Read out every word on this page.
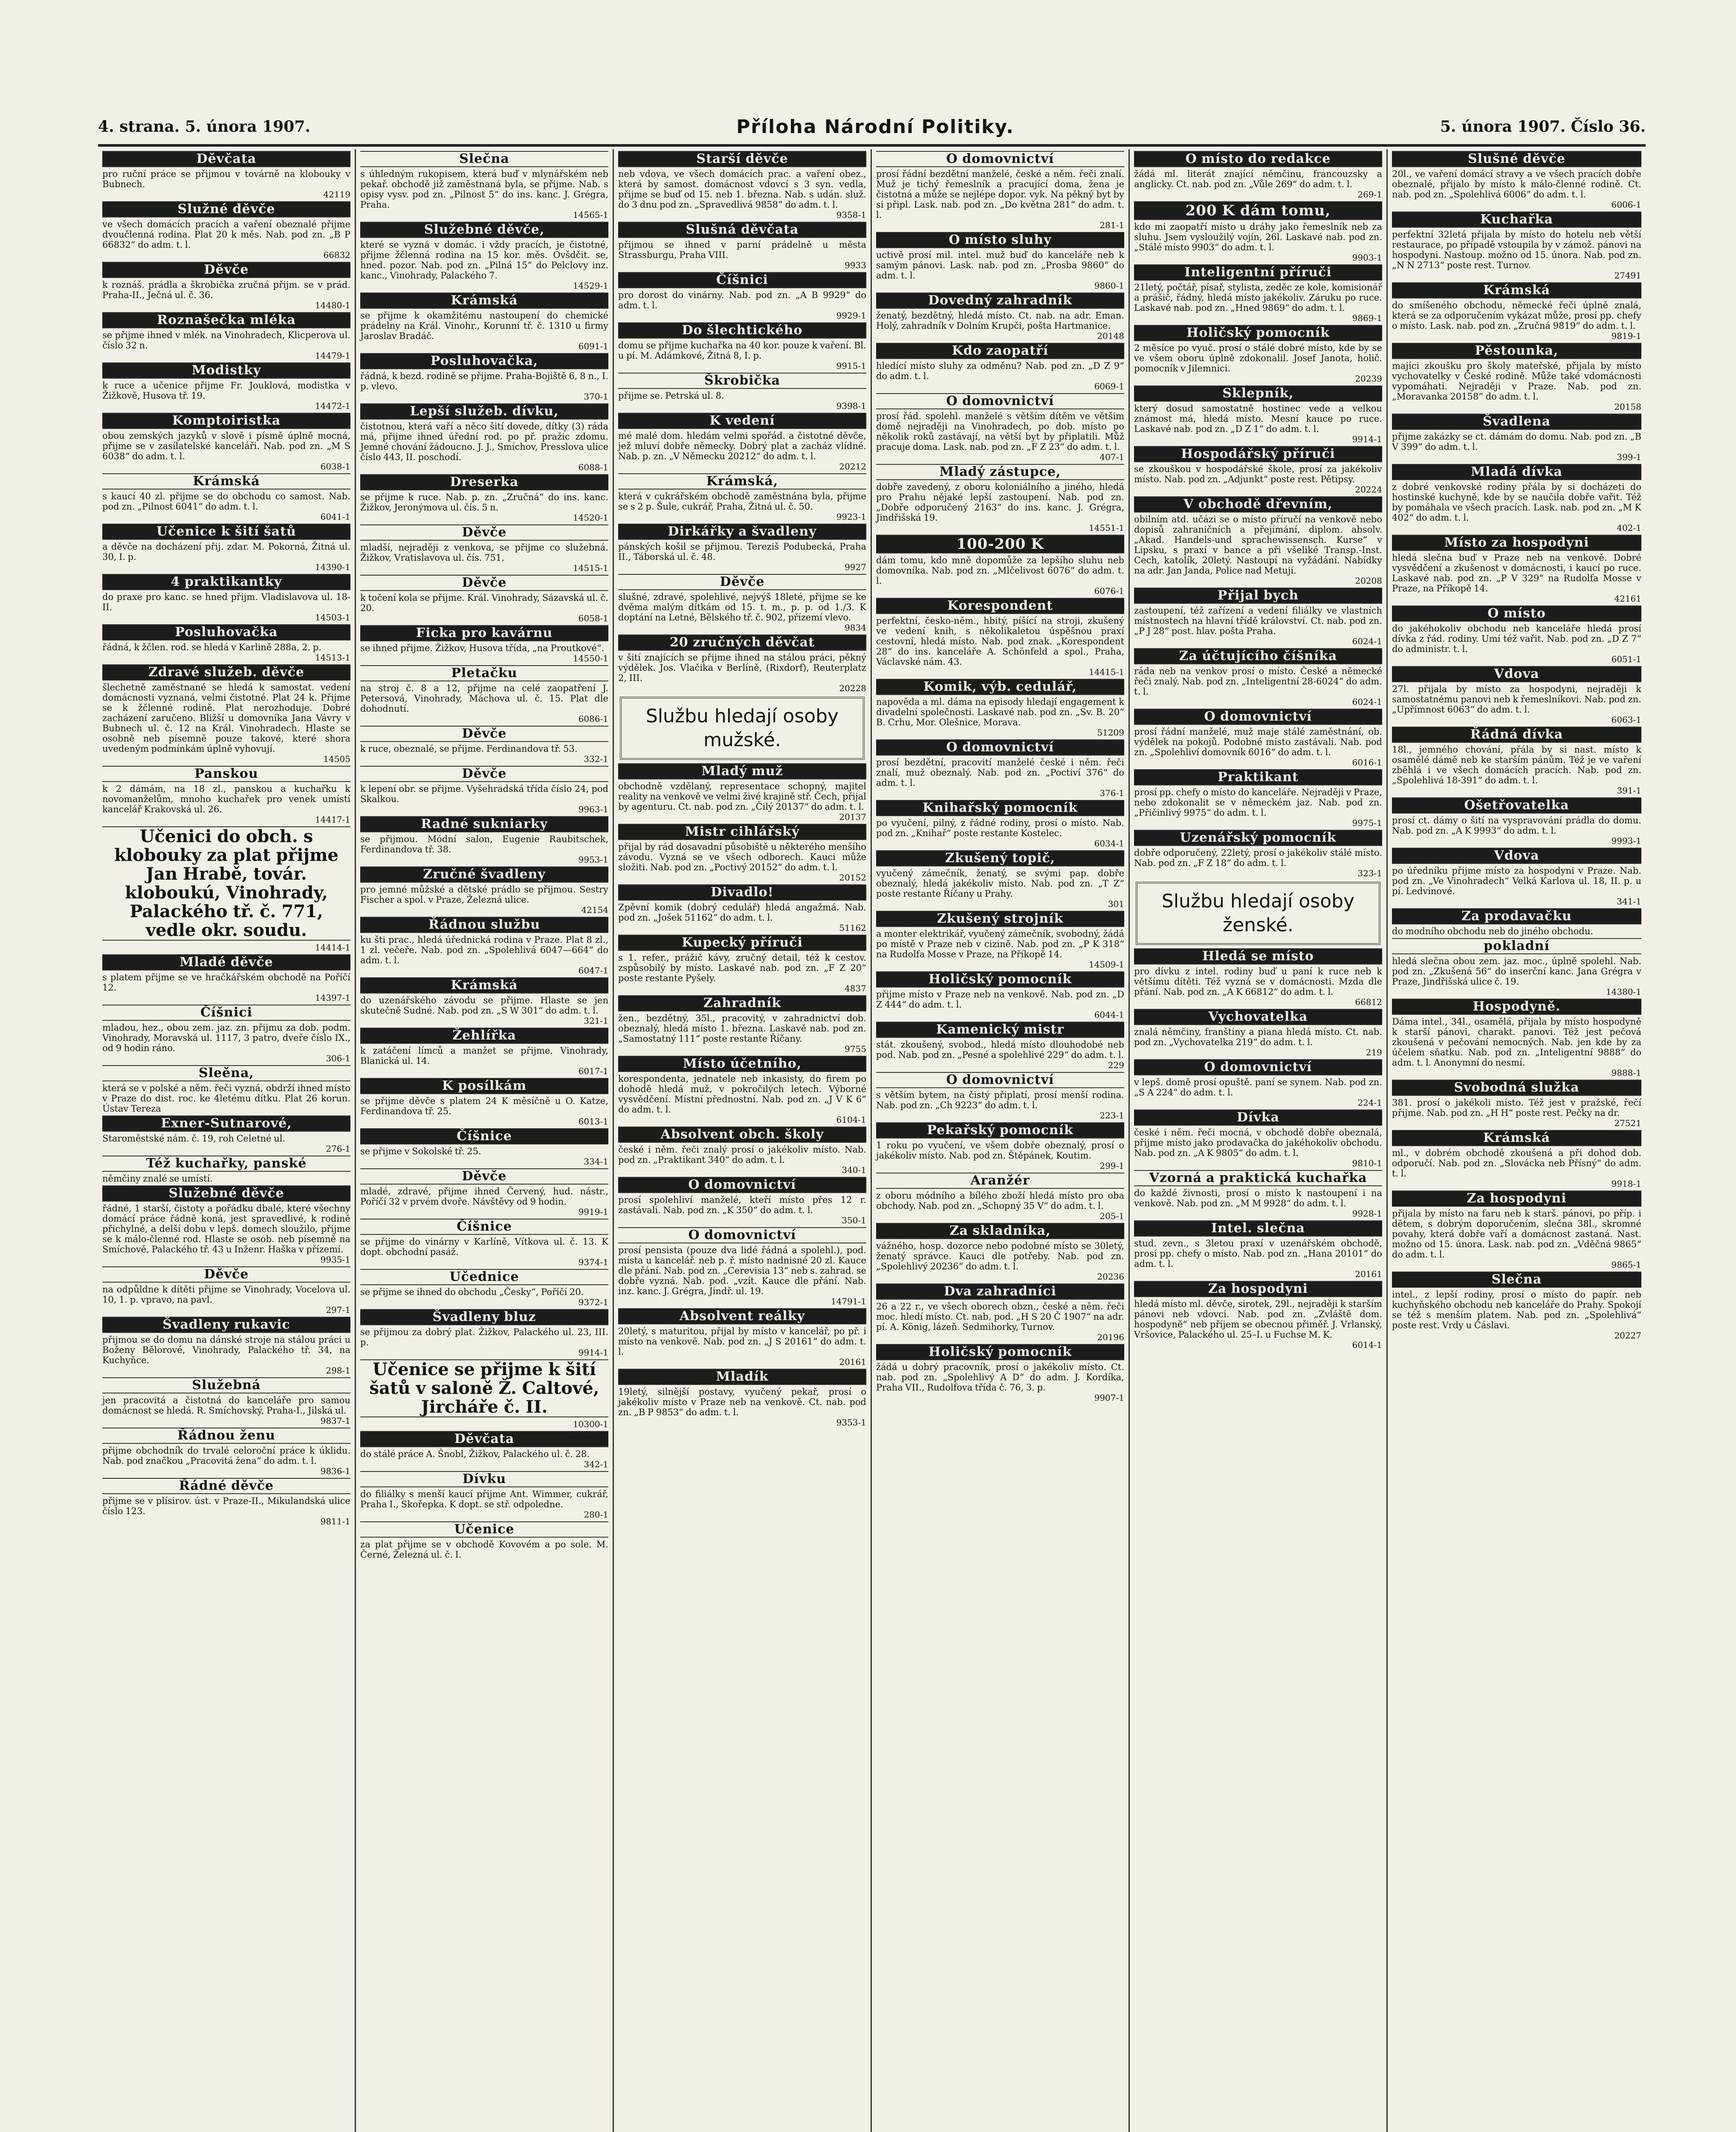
4. strana. 5. února 1907.	Příloha Národní Politiky.	5. února 1907. Číslo 36.
Děvčata
pro ruční práce se přijmou v továrně na klobouky v Bubnech.
42119
Služné děvče
ve všech domácích pracích a vaření obeznalé přijme dvoučlenná rodina. Plat 20 k měs. Nab. pod zn. „B P 66832“ do adm. t. l.
66832
Děvče
k roznáš. prádla a škrobička zručná přijm. se v prád. Praha-II., Ječná ul. č. 36.
14480-1
Roznašečka mléka
se přijme ihned v mlék. na Vinohradech, Klicperova ul. číslo 32 n.
14479-1
Modistky
k ruce a učenice přijme Fr. Jouklová, modistka v Žižkově, Husova tř. 19.
14472-1
Komptoiristka
obou zemských jazyků v slově i písmě úplně mocná, přijme se v zasílatelské kanceláři. Nab. pod zn. „M S 6038“ do adm. t. l.
6038-1
Krámská
s kaucí 40 zl. přijme se do obchodu co samost. Nab. pod zn. „Pilnost 6041“ do adm. t. l.
6041-1
Učenice k šití šatů
a děvče na docházení přij. zdar. M. Pokorná, Žitná ul. 30, I. p.
14390-1
4 praktikantky
do praxe pro kanc. se hned přijm. Vladislavova ul. 18-II.
14503-1
Posluhovačka
řádná, k žčlen. rod. se hledá v Karlině 288a, 2. p.
14513-1
Zdravé služeb. děvče
šlechetně zaměstnané se hledá k samostat. vedení domácnosti vyznaná, velmi čistotné. Plat 24 k. Přijme se k žčlenné rodině. Plat nerozhoduje. Dobré zacházení zaručeno. Bližší u domovníka Jana Vávry v Bubnech ul. č. 12 na Král. Vinohradech. Hlaste se osobně neb písemně pouze takové, které shora uvedeným podmínkám úplně vyhovují.
14505
Panskou
k 2 dámám, na 18 zl., panskou a kuchařku k novomanželům, mnoho kuchařek pro venek umístí kancelář Krakovská ul. 26.
14417-1
Učenici do obch. s klobouky za plat přijme Jan Hrabě, továr. kloboukú, Vinohrady, Palackého tř. č. 771, vedle okr. soudu.
14414-1
Mladé děvče
s platem přijme se ve hračkářském obchodě na Poříčí 12.
14397-1
Číšnici
mladou, hez., obou zem. jaz. zn. přijmu za dob. podm. Vinohrady, Moravská ul. 1117, 3 patro, dveře číslo IX., od 9 hodin ráno.
306-1
Sleěna,
která se v polské a něm. řeči vyzná, obdrží ihned místo v Praze do dist. roc. ke 4letému dítku. Plat 26 korun. Ústav Tereza
Exner-Sutnarové,
Staroměstské nám. č. 19, roh Celetné ul.
276-1
Též kuchařky, panské
němčiny znalé se umístí.
Služebné děvče
řádné, 1 starší, čistoty a pořádku dbalé, které všechny domácí práce řádně koná, jest spravedlivé, k rodině přichylné, a delší dobu v lepš. domech sloužilo, přijme se k málo-členné rod. Hlaste se osob. neb písemně na Smíchově, Palackého tř. 43 u Inženr. Haška v přízemí.
9935-1
Děvče
na odpůldne k dítěti přijme se Vinohrady, Vocelova ul. 10, 1. p. vpravo, na pavl.
297-1
Švadleny rukavic
přijmou se do domu na dánské stroje na stálou práci u Boženy Bělorové, Vinohrady, Palackého tř. 34, na Kuchyňce.
298-1
Služebná
jen pracovitá a čistotná do kanceláře pro samou domácnost se hledá. R. Smíchovský, Praha-I., Jilská ul.
9837-1
Řádnou ženu
přijme obchodník do trvalé celoroční práce k úklidu. Nab. pod značkou „Pracovitá žena“ do adm. t. l.
9836-1
Řádné děvče
přijme se v plísirov. úst. v Praze-II., Mikulandská ulice číslo 123.
9811-1
Slečna
s úhledným rukopisem, která buď v mlynářském neb pekař. obchodě již zaměstnaná byla, se přijme. Nab. s opisy vysv. pod zn. „Pilnost 5“ do ins. kanc. J. Grégra, Praha.
14565-1
Služebné děvče,
které se vyzná v domác. i vždy pracích, je čistotné, přijme žčlenná rodina na 15 kor. měs. Ovšdčit. se, hned. pozor. Nab. pod zn. „Pilná 15“ do Pelclovy inz. kanc., Vinohrady, Palackého 7.
14529-1
Krámská
se přijme k okamžitému nastoupení do chemické prádelny na Král. Vinohr., Korunní tř. č. 1310 u firmy Jaroslav Bradáč.
6091-1
Posluhovačka,
řádná, k bezd. rodině se přijme. Praha-Bojiště 6, 8 n., I. p. vlevo.
370-1
Lepší služeb. dívku,
čistotnou, která vaří a něco šití dovede, dítky (3) ráda má, přijme ihned úřední rod. po př. pražic zdomu. Jemné chování žádoucno. J. J., Smíchov, Presslova ulice číslo 443, II. poschodí.
6088-1
Dreserka
se přijme k ruce. Nab. p. zn. „Zručná“ do ins. kanc. Žižkov, Jeronýmova ul. čís. 5 n.
14520-1
Děvče
mladší, nejraději z venkova, se přijme co služebná. Žižkov, Vratislavova ul. čís. 751.
14515-1
Děvče
k točení kola se přijme. Král. Vinohrady, Sázavská ul. č. 20.
6058-1
Ficka pro kavárnu
se ihned přijme. Žižkov, Husova třída, „na Proutkové“.
14550-1
Pletačku
na stroj č. 8 a 12, přijme na celé zaopatření J. Petersová, Vinohrady, Máchova ul. č. 15. Plat dle dohodnutí.
6086-1
Děvče
k ruce, obeznalé, se přijme. Ferdinandova tř. 53.
332-1
Děvče
k lepení obr. se přijme. Vyšehradská třída číslo 24, pod Skalkou.
9963-1
Radné sukniarky
se přijmou. Módní salon, Eugenie Raubitschek, Ferdinandova tř. 38.
9953-1
Zručné švadleny
pro jemné můžské a dětské prádlo se přijmou. Sestry Fischer a spol. v Praze, Železná ulice.
42154
Řádnou službu
ku šti prac., hledá úřednická rodina v Praze. Plat 8 zl., 1 zl. večeře. Nab. pod zn. „Spolehlivá 6047—664“ do adm. t. l.
6047-1
Krámská
do uzenářského závodu se přijme. Hlaste se jen skutečně Sudné. Nab. pod zn. „S W 301“ do adm. t. l.
321-1
Žehlířka
k zatáčení límců a manžet se přijme. Vinohrady, Blanická ul. 14.
6017-1
K posílkám
se přijme děvče s platem 24 K měsíčně u O. Katze, Ferdinandova tř. 25.
6013-1
Číšnice
se přijme v Sokolské tř. 25.
334-1
Děvče
mladé, zdravé, přijme ihned Červený, hud. nástr., Poříčí 32 v prvém dvoře. Návštěvy od 9 hodin.
9919-1
Číšnice
se přijme do vinárny v Karlíně, Vítkova ul. č. 13. K dopt. obchodní pasáž.
9374-1
Učednice
se přijme se ihned do obchodu „Česky“, Poříčí 20.
9372-1
Švadleny bluz
se přijmou za dobrý plat. Žižkov, Palackého ul. 23, III. p.
9914-1
Učenice se přijme k šití šatů v saloně Ž. Caltové, Jircháře č. II.
10300-1
Děvčata
do stálé práce A. Šnobl, Žižkov, Palackého ul. č. 28.
342-1
Dívku
do filiálky s menší kaucí přijme Ant. Wimmer, cukrář, Praha I., Skořepka. K dopt. se stř. odpoledne.
280-1
Učenice
za plat přijme se v obchodě Kovovém a po sole. M. Černé, Železná ul. č. I.
Starší děvče
neb vdova, ve všech domácích prac. a vaření obez., která by samost. domácnost vdovcí s 3 syn. vedla, přijme se buď od 15. neb 1. března. Nab. s udán. služ. do 3 dnu pod zn. „Spravedlivá 9858“ do adm. t. l.
9358-1
Slušná děvčata
přijmou se ihned v parní prádelně u města Strassburgu, Praha VIII.
9933
Číšnici
pro dorost do vinárny. Nab. pod zn. „A B 9929“ do adm. t. l.
9929-1
Do šlechtického
domu se přijme kuchařka na 40 kor. pouze k vaření. Bl. u pí. M. Adámkové, Žitná 8, I. p.
9915-1
Škrobička
přijme se. Petrská ul. 8.
9398-1
K vedení
mé malé dom. hledám velmi spořád. a čistotné děvče, jež mluví dobře německy. Dobrý plat a zacház vlídné. Nab. p. zn. „V Německu 20212“ do adm. t. l.
20212
Krámská,
která v cukrářském obchodě zaměstnána byla, přijme se s 2 p. Šule, cukrář, Praha, Žitná ul. č. 50.
9923-1
Dirkářky a švadleny
pánských košil se přijmou. Tereziš Podubecká, Praha II., Táborská ul. č. 48.
9927
Děvče
slušné, zdravé, spolehlivé, nejvýš 18leté, přijme se ke dvěma malým dítkám od 15. t. m., p. p. od 1./3. K doptání na Letné, Bělského tř. č. 902, přízemí vlevo.
9834
20 zručných děvčat
v šití znajících se přijme ihned na stálou práci, pěkný výdělek. Jos. Vlačika v Berlíně, (Rixdorf), Reuterplatz 2, III.
20228
Službu hledají osoby mužské.
Mladý muž
obchodně vzdělaný, representace schopný, majitel reality na venkově ve velmi živé krajině stř. Čech, přijal by agenturu. Ct. nab. pod zn. „Čilý 20137“ do adm. t. l.
20137
Mistr cihlářský
přijal by rád dosavadní působiště u některého menšího závodu. Vyzná se ve všech odborech. Kauci může složiti. Nab. pod zn. „Poctivý 20152“ do adm. t. l.
20152
Divadlo!
Zpěvní komik (dobrý cedulář) hledá angažmá. Nab. pod zn. „Jošek 51162“ do adm. t. l.
51162
Kupecký příruči
s 1. refer., prážič kávy, zručný detail, též k cestov. zspůsobilý by místo. Laskavé nab. pod zn. „F Z 20“ poste restante Pyšely.
4837
Zahradník
žen., bezdětný, 35l., pracovitý, v zahradnictví dob. obeznalý, hledá místo 1. března. Laskavě nab. pod zn. „Samostatný 111“ poste restante Říčany.
9755
Místo účetního,
korespondenta, jednatele neb inkasisty, do firem po dohodě hledá muž, v pokročilých letech. Výborné vysvědčení. Místní přednostní. Nab. pod zn. „J V K 6“ do adm. t. l.
6104-1
Absolvent obch. školy
české i něm. řeči znalý prosí o jakékoliv místo. Nab. pod zn. „Praktikant 340“ do adm. t. l.
340-1
O domovnictví
prosí spolehliví manželé, kteří místo přes 12 r. zastávali. Nab. pod zn. „K 350“ do adm. t. l.
350-1
O domovnictví
prosí pensista (pouze dva lidé řádná a spolehl.), pod. místa u kancelář. neb p. ř. místo nadnisné 20 zl. Kauce dle přání. Nab. pod zn. „Cerevisia 13“ neb s. zahrad. se dobře vyzná. Nab. pod. „vzít. Kauce dle přání. Nab. inz. kanc. J. Grégra, Jindř. ul. 19.
14791-1
Absolvent reálky
20letý, s maturitou, přijal by místo v kancelář, po př. i místo na venkově. Nab. pod zn. „J S 20161“ do adm. t. l.
20161
Mladík
19letý, silnější postavy, vyučený pekař, prosí o jakékoliv místo v Praze neb na venkově. Ct. nab. pod zn. „B P 9853“ do adm. t. l.
9353-1
O domovnictví
prosí řádní bezdětní manželé, české a něm. řeči znalí. Muž je tichý řemeslník a pracující doma, žena je čistotná a může se nejlépe dopor. vyk. Na pěkný byt by si připl. Lask. nab. pod zn. „Do května 281“ do adm. t. l.
281-1
O místo sluhy
uctivě prosí mil. intel. muž buď do kanceláře neb k samým pánovi. Lask. nab. pod zn. „Prosba 9860“ do adm. t. l.
9860-1
Dovedný zahradník
ženatý, bezdětný, hledá místo. Ct. nab. na adr. Eman. Holý, zahradník v Dolním Krupči, pošta Hartmanice.
20148
Kdo zaopatří
hledící místo sluhy za odměnu? Nab. pod zn. „D Z 9“ do adm. t. l.
6069-1
O domovnictví
prosí řád. spolehl. manželé s větším dítěm ve většim domě nejraději na Vinohradech, po dob. místo po několik roků zastávají, na větší byt by připlatili. Můž pracuje doma. Lask. nab. pod zn. „F Z 23“ do adm. t. l.
407-1
Mladý zástupce,
dobře zavedený, z oboru koloniálního a jiného, hledá pro Prahu nějaké lepší zastoupení. Nab. pod zn. „Dobře odporučený 2163“ do ins. kanc. J. Grégra, Jindřišská 19.
14551-1
100-200 K
dám tomu, kdo mně dopomůže za lepšího sluhu neb domovníka. Nab. pod zn. „Mlčelivost 6076“ do adm. t. l.
6076-1
Korespondent
perfektní, česko-něm., hbitý, píšící na stroji, zkušený ve vedení knih, s několikaletou úspěšnou praxí cestovní, hledá místo. Nab. pod znak. „Korespondent 28“ do ins. kanceláře A. Schönfeld a spol., Praha, Václavské nám. 43.
14415-1
Komik, výb. cedulář,
napověda a ml. dáma na episody hledají engagement k divadelní společnosti. Laskavé nab. pod zn. „Sv. B. 20“ B. Crhu, Mor. Olešnice, Morava.
51209
O domovnictví
prosí bezdětní, pracovití manželé české i něm. řeči znalí, muž obeznalý. Nab. pod zn. „Poctiví 376“ do adm. t. l.
376-1
Knihařský pomocník
po vyučení, pilný, z řádné rodiny, prosí o místo. Nab. pod zn. „Knihař“ poste restante Kostelec.
6034-1
Zkušený topič,
vyučený zámečník, ženatý, se svými pap. dobře obeznalý, hledá jakékoliv místo. Nab. pod zn. „T Z“ poste restante Říčany u Prahy.
301
Zkušený strojník
a monter elektrikář, vyučený zámečník, svobodný, žádá po místě v Praze neb v cizině. Nab. pod zn. „P K 318“ na Rudolfa Mosse v Praze, na Příkopě 14.
14509-1
Holičský pomocník
přijme místo v Praze neb na venkově. Nab. pod zn. „D Z 444“ do adm. t. l.
6044-1
Kamenický mistr
stát. zkoušený, svobod., hledá místo dlouhodobé neb pod. Nab. pod zn. „Pesné a spolehlivé 229“ do adm. t. l.
229
O domovnictví
s větším bytem, na čistý připlatí, prosí menší rodina. Nab. pod zn. „Ch 9223“ do adm. t. l.
223-1
Pekařský pomocník
1 roku po vyučení, ve všem dobře obeznalý, prosí o jakékoliv místo. Nab. pod zn. Štěpánek, Koutim.
299-1
Aranžér
z oboru módního a bílého zboží hledá místo pro oba obchody. Nab. pod zn. „Schopný 35 V“ do adm. t. l.
205-1
Za skladníka,
vážného, hosp. dozorce nebo podobné místo se 30letý, ženatý správce. Kauci dle potřeby. Nab. pod zn. „Spolehlivý 20236“ do adm. t. l.
20236
Dva zahradníci
26 a 22 r., ve všech oborech obzn., české a něm. řeči moc. hledí místo. Ct. nab. pod. „H S 20 Č 1907“ na adr. pí. A. König, lázeň. Sedmihorky, Turnov.
20196
Holičský pomocník
žádá u dobrý pracovník, prosí o jakékoliv místo. Ct. nab. pod zn. „Spolehlivý A D“ do adm. J. Kordíka, Praha VII., Rudolfova třída č. 76, 3. p.
9907-1
O místo do redakce
žádá ml. literát znající němčinu, francouzsky a anglicky. Ct. nab. pod zn. „Vůle 269“ do adm. t. l.
269-1
200 K dám tomu,
kdo mi zaopatří místo u dráhy jako řemeslník neb za sluhu. Jsem vysloužilý vojín, 26l. Laskavé nab. pod zn. „Stálé místo 9903“ do adm. t. l.
9903-1
Inteligentní příruči
21letý, počtář, písař, stylista, zeděc ze kole, komisionář a prášič, řádný, hledá místo jakékoliv. Záruku po ruce. Laskavé nab. pod zn. „Hned 9869“ do adm. t. l.
9869-1
Holičský pomocník
2 měsíce po vyuč. prosí o stálé dobré místo, kde by se ve všem oboru úplně zdokonalil. Josef Janota, holič. pomocník v Jilemnici.
20239
Sklepník,
který dosud samostatně hostinec vede a velkou známost má, hledá místo. Mesní kauce po ruce. Laskavé nab. pod zn. „D Z 1“ do adm. t. l.
9914-1
Hospodářský příruči
se zkouškou v hospodářské škole, prosí za jakékoliv místo. Nab. pod zn. „Adjunkt“ poste rest. Pětipsy.
20224
V obchodě dřevním,
obilním atd. učázi se o místo příručí na venkově nebo dopisů zahraničních a přejímání, diplom. absolv. „Akad. Handels-und sprachewissensch. Kurse“ v Lipsku, s praxí v bance a při všeliké Transp.-Inst. Cech, katolík, 20letý. Nastoupí na vyžádání. Nabídky na adr. Jan Janda, Police nad Metují.
20208
Přijal bych
zastoupení, též zařízení a vedení filiálky ve vlastních místnostech na hlavní třídě království. Ct. nab. pod zn. „P J 28“ post. hlav. pošta Praha.
6024-1
Za účtujícího číšníka
ráda neb na venkov prosí o místo. České a německé řeči znalý. Nab. pod zn. „Inteligentní 28-6024“ do adm. t. l.
6024-1
O domovnictví
prosí řádní manželé, muž maje stálé zaměstnání, ob. výdělek na pokojů. Podobné místo zastávali. Nab. pod zn. „Spolehliví domovník 6016“ do adm. t. l.
6016-1
Praktikant
prosí pp. chefy o místo do kanceláře. Nejraději v Praze, nebo zdokonalit se v německém jaz. Nab. pod zn. „Přičinlivý 9975“ do adm. t. l.
9975-1
Uzenářský pomocník
dobře odporučený, 22letý, prosí o jakékoliv stálé místo. Nab. pod zn. „F Z 18“ do adm. t. l.
323-1
Službu hledají osoby ženské.
Hledá se místo
pro dívku z intel. rodiny buď u paní k ruce neb k většímu dítěti. Též vyzná se v domácnosti. Mzda dle přání. Nab. pod zn. „A K 66812“ do adm. t. l.
66812
Vychovatelka
znalá němčiny, franštiny a piana hledá místo. Ct. nab. pod zn. „Vychovatelka 219“ do adm. t. l.
219
O domovnictví
v lepš. domě prosí opuště. paní se synem. Nab. pod zn. „S A 224“ do adm. t. l.
224-1
Dívka
české i něm. řeči mocná, v obchodě dobře obeznalá, přijme místo jako prodavačka do jakéhokoliv obchodu. Nab. pod zn. „A K 9805“ do adm. t. l.
9810-1
Vzorná a praktická kuchařka
do každé živnosti, prosí o místo k nastoupení i na venkově. Nab. pod zn. „M M 9928“ do adm. t. l.
9928-1
Intel. slečna
stud. zevn., s 3letou praxí v uzenářském obchodě, prosí pp. chefy o místo. Nab. pod zn. „Hana 20101“ do adm. t. l.
20161
Za hospodyni
hledá místo ml. děvče, sirotek, 29l., nejraději k starším pánovi neb vdovci. Nab. pod zn. „Zvláště dom. hospodyně“ neb příjem se obecnou přiměř. J. Vrlanský, Vršovice, Palackého ul. 25–I. u Fuchse M. K.
6014-1
Slušné děvče
20l., ve vaření domácí stravy a ve všech pracích dobře obeznalé, přijalo by místo k málo-členné rodině. Ct. nab. pod zn. „Spolehlivá 6006“ do adm. t. l.
6006-1
Kuchařka
perfektní 32letá přijala by místo do hotelu neb větší restaurace, po případě vstoupila by v zámož. pánovi na hospodyni. Nastoup. možno od 15. února. Nab. pod zn. „N N 2713“ poste rest. Turnov.
27491
Krámská
do smíšeného obchodu, německé řeči úplně znalá, která se za odporučením vykázat může, prosí pp. chefy o místo. Lask. nab. pod zn. „Zručná 9819“ do adm. t. l.
9819-1
Pěstounka,
majíci zkoušku pro školy mateřské, přijala by místo vychovatelky v České rodině. Může také vdomácnosti vypomáhati. Nejraději v Praze. Nab. pod zn. „Moravanka 20158“ do adm. t. l.
20158
Švadlena
přijme zakázky se ct. dámám do domu. Nab. pod zn. „B V 399“ do adm. t. l.
399-1
Mladá dívka
z dobré venkovské rodiny přála by si docházeti do hostinské kuchyně, kde by se naučila dobře vařit. Též by pomáhala ve všech pracích. Lask. nab. pod zn. „M K 402“ do adm. t. l.
402-1
Místo za hospodyni
hledá slečna buď v Praze neb na venkově. Dobré vysvědčení a zkušenost v domácnosti, i kaucí po ruce. Laskavé nab. pod zn. „P V 329“ na Rudolfa Mosse v Praze, na Příkopě 14.
42161
O místo
do jakéhokoliv obchodu neb kanceláře hledá prosí dívka z řád. rodiny. Umí též vařit. Nab. pod zn. „D Z 7“ do administr. t. l.
6051-1
Vdova
27l. přijala by místo za hospodyni, nejraději k samostatnému panovi neb k řemeslníkovi. Nab. pod zn. „Upřímnost 6063“ do adm. t. l.
6063-1
Řádná dívka
18l., jemného chování, přála by si nast. místo k osamělé dámě neb ke starším pánům. Též je ve vaření zběhlá i ve všech domácích pracích. Nab. pod zn. „Spolehlivá 18-391“ do adm. t. l.
391-1
Ošetřovatelka
prosí ct. dámy o šití na vyspravování prádla do domu. Nab. pod zn. „A K 9993“ do adm. t. l.
9993-1
Vdova
po úředníku přijme místo za hospodyni v Praze. Nab. pod zn. „Ve Vinohradech“ Velká Karlova ul. 18, II. p. u pí. Ledvinové.
341-1
Za prodavačku
do modního obchodu neb do jiného obchodu.
pokladní
hledá slečna obou zem. jaz. moc., úplně spolehl. Nab. pod zn. „Zkušená 56“ do inserční kanc. Jana Grégra v Praze, Jindřišská ulice č. 19.
14380-1
Hospodyně.
Dáma intel., 34l., osamělá, přijala by místo hospodyně k starší pánovi, charakt. panovi. Též jest pečová zkoušená v pečování nemocných. Nab. jen kde by za účelem sňatku. Nab. pod zn. „Inteligentní 9888“ do adm. t. l. Anonymní do nesmí.
9888-1
Svobodná služka
381. prosí o jakékoli místo. Též jest v pražské, řečí přijme. Nab. pod zn. „H H“ poste rest. Pečky na dr.
27521
Krámská
ml., v dobrém obchodě zkoušená a při dohod dob. odporučí. Nab. pod zn. „Slovácka neb Přísný“ do adm. t. l.
9918-1
Za hospodyni
přijala by místo na faru neb k starš. pánovi, po příp. i dětem, s dobrým doporučením, slečna 38l., skromné povahy, která dobře vaří a domácnost zastaná. Nast. možno od 15. února. Lask. nab. pod zn. „Vděčná 9865“ do adm. t. l.
9865-1
Slečna
intel., z lepší rodiny, prosí o místo do papír. neb kuchyňského obchodu neb kanceláře do Prahy. Spokojí se též s menším platem. Nab. pod zn. „Spolehlivá“ poste rest. Vrdy u Čáslavi.
20227
